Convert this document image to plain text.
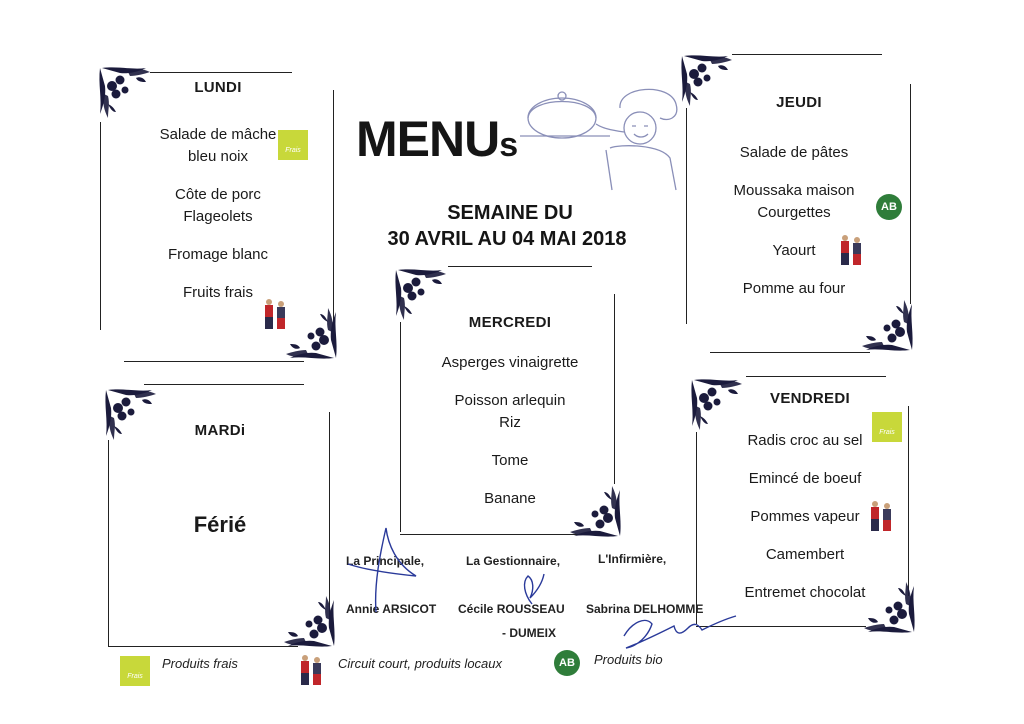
LUNDI
Salade de mâche
bleu noix
Côte de porc
Flageolets
Fromage blanc
Fruits frais
Frais
MARDi
Férié
MENUs
SEMAINE DU
30 AVRIL AU 04 MAI 2018
MERCREDI
Asperges vinaigrette
Poisson arlequin
Riz
Tome
Banane
JEUDI
Salade de pâtes
Moussaka maison
Courgettes
Yaourt
Pomme au four
AB
VENDREDI
Radis croc au sel
Emincé de boeuf
Pommes vapeur
Camembert
Entremet chocolat
Frais
La Principale,
Annie ARSICOT
La Gestionnaire,
Cécile ROUSSEAU
- DUMEIX
L'Infirmière,
Sabrina DELHOMME
Frais
Produits frais	Circuit court, produits locaux	AB Produits bio
